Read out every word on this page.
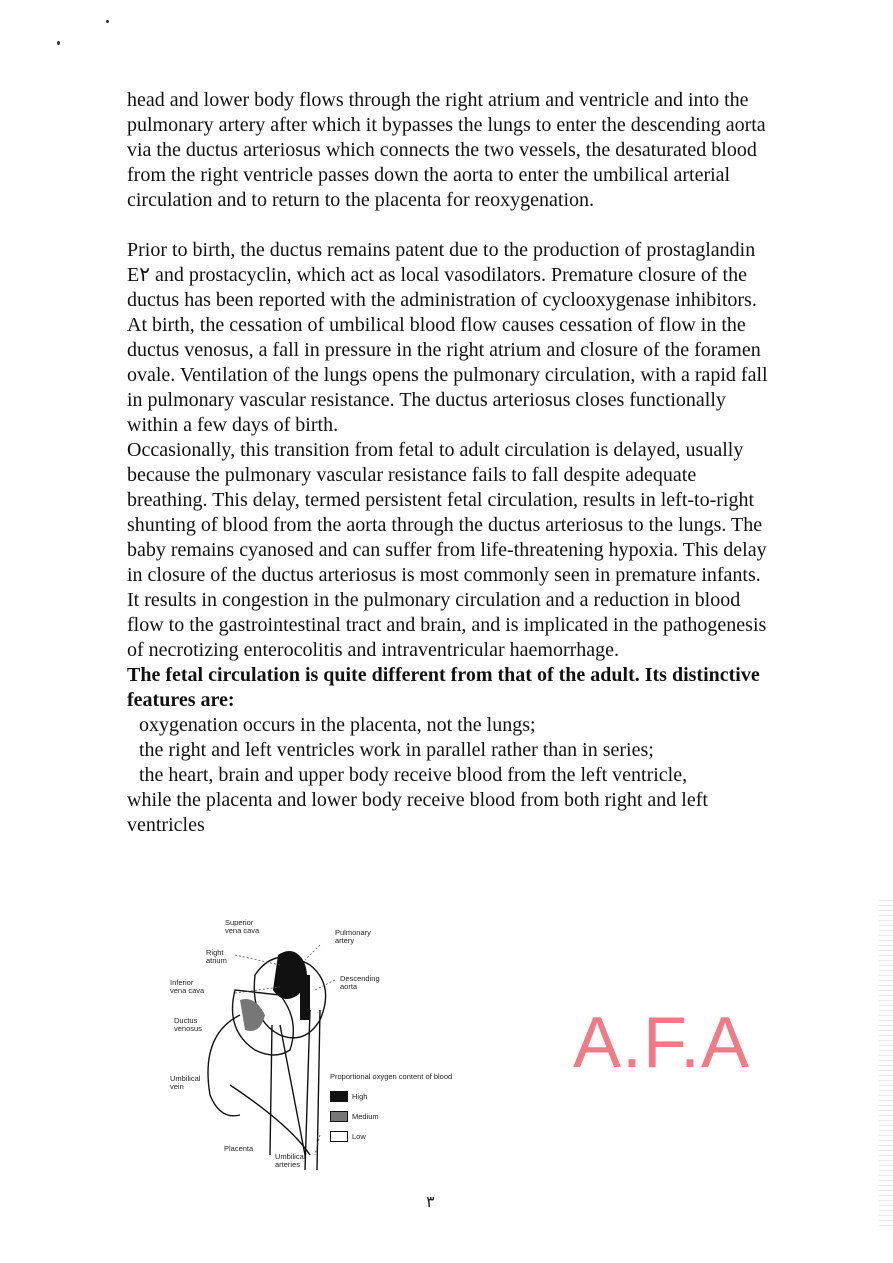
head and lower body flows through the right atrium and ventricle and into the pulmonary artery after which it bypasses the lungs to enter the descending aorta via the ductus arteriosus which connects the two vessels, the desaturated blood from the right ventricle passes down the aorta to enter the umbilical arterial circulation and to return to the placenta for reoxygenation.

Prior to birth, the ductus remains patent due to the production of prostaglandin E٢ and prostacyclin, which act as local vasodilators. Premature closure of the ductus has been reported with the administration of cyclooxygenase inhibitors. At birth, the cessation of umbilical blood flow causes cessation of flow in the ductus venosus, a fall in pressure in the right atrium and closure of the foramen ovale. Ventilation of the lungs opens the pulmonary circulation, with a rapid fall in pulmonary vascular resistance. The ductus arteriosus closes functionally within a few days of birth.

Occasionally, this transition from fetal to adult circulation is delayed, usually because the pulmonary vascular resistance fails to fall despite adequate breathing. This delay, termed persistent fetal circulation, results in left-to-right shunting of blood from the aorta through the ductus arteriosus to the lungs. The baby remains cyanosed and can suffer from life-threatening hypoxia. This delay in closure of the ductus arteriosus is most commonly seen in premature infants. It results in congestion in the pulmonary circulation and a reduction in blood flow to the gastrointestinal tract and brain, and is implicated in the pathogenesis of necrotizing enterocolitis and intraventricular haemorrhage.

The fetal circulation is quite different from that of the adult. Its distinctive features are:

oxygenation occurs in the placenta, not the lungs;

the right and left ventricles work in parallel rather than in series;

the heart, brain and upper body receive blood from the left ventricle,

while the placenta and lower body receive blood from both right and left ventricles

Superior
vena cava	Pulmonary
artery
Right
atrium
Inferior
vena cava
Descending
aorta
Ductus
venosus
Umbilical
vein
Placenta
Umbilical
arteries
Proportional oxygen content of blood
High
Medium
Low
A.F.A
٣
